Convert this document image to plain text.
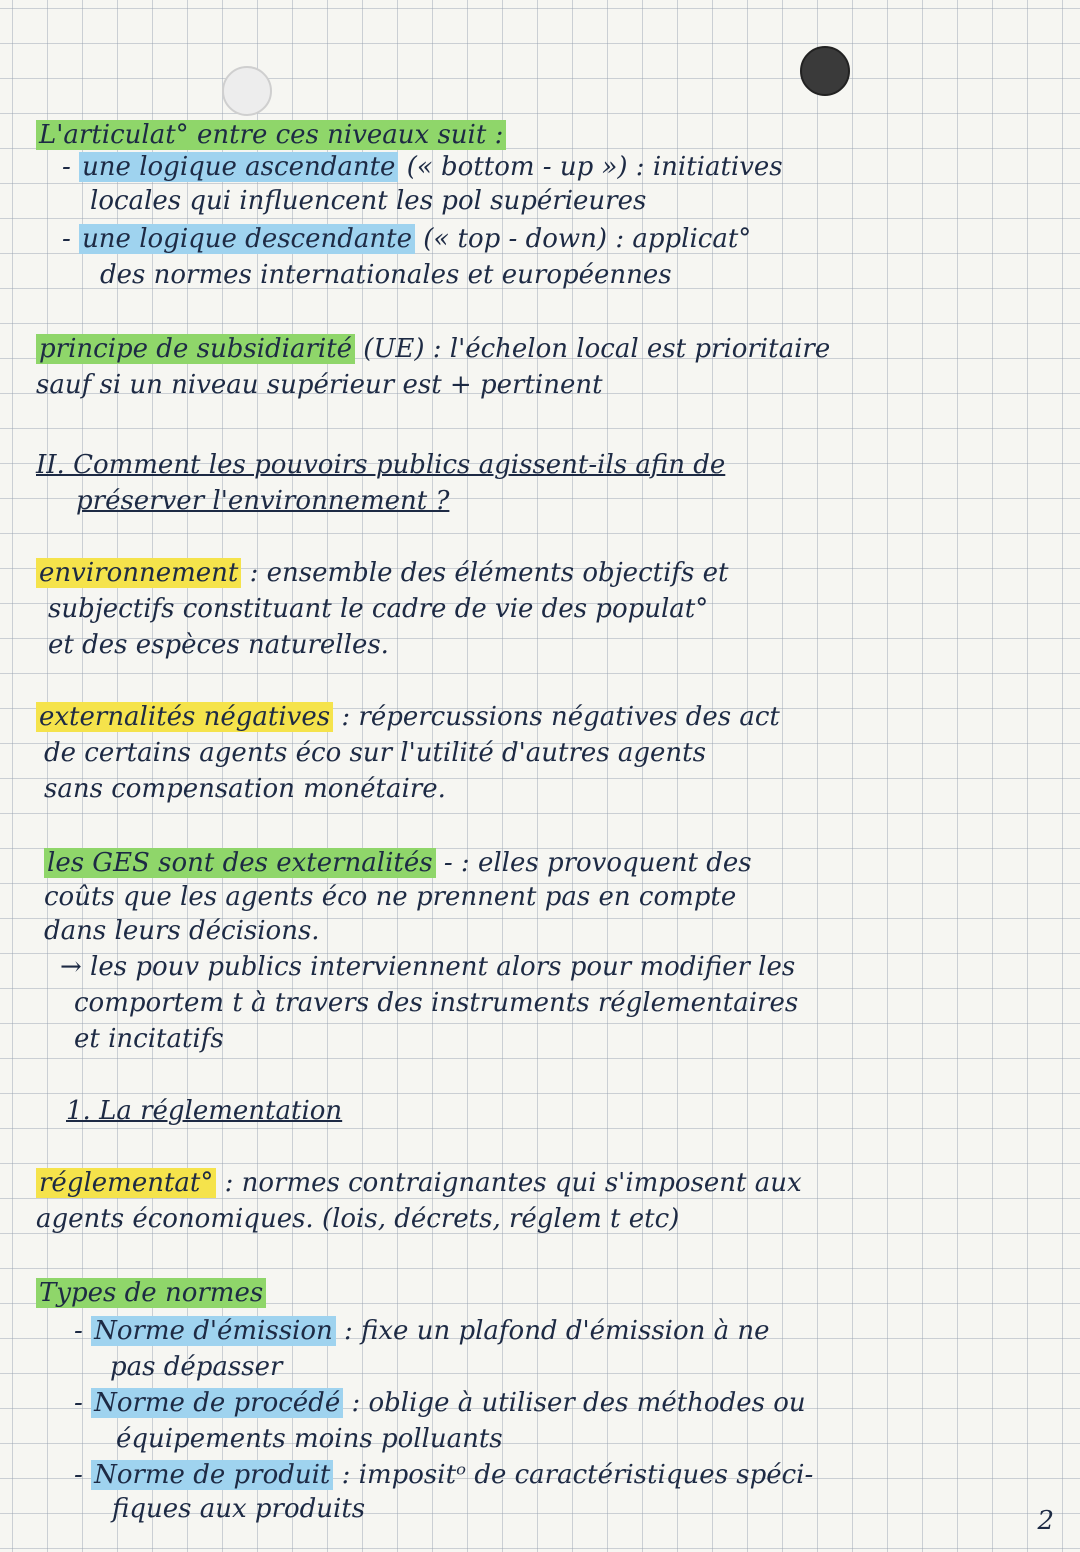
L'articulat° entre ces niveaux suit :
- une logique ascendante (« bottom - up ») : initiatives
locales qui influencent les pol supérieures
- une logique descendante (« top - down) : applicat°
des normes internationales et européennes
principe de subsidiarité (UE) : l'échelon local est prioritaire
sauf si un niveau supérieur est + pertinent
II. Comment les pouvoirs publics agissent-ils afin de
préserver l'environnement ?
environnement : ensemble des éléments objectifs et
subjectifs constituant le cadre de vie des populat°
et des espèces naturelles.
externalités négatives : répercussions négatives des act
de certains agents éco sur l'utilité d'autres agents
sans compensation monétaire.
les GES sont des externalités - : elles provoquent des
coûts que les agents éco ne prennent pas en compte
dans leurs décisions.
→ les pouv publics interviennent alors pour modifier les
comportem t à travers des instruments réglementaires
et incitatifs
1. La réglementation
réglementat° : normes contraignantes qui s'imposent aux
agents économiques. (lois, décrets, réglem t etc)
Types de normes
- Norme d'émission : fixe un plafond d'émission à ne
pas dépasser
- Norme de procédé : oblige à utiliser des méthodes ou
équipements moins polluants
- Norme de produit : impositᵒ de caractéristiques spéci-
fiques aux produits	2
